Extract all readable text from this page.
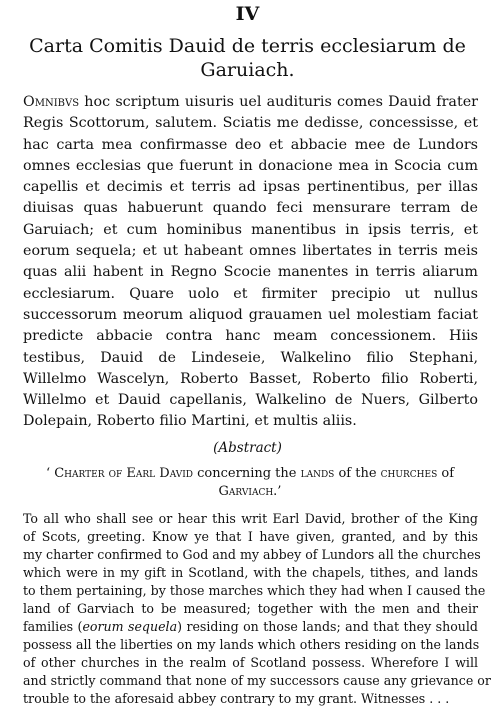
IV
Carta Comitis Dauid de terris ecclesiarum de
Garuiach.
Omnibvs hoc scriptum uisuris uel audituris comes Dauid frater
Regis Scottorum, salutem. Sciatis me dedisse, concessisse, et
hac carta mea confirmasse deo et abbacie mee de Lundors
omnes ecclesias que fuerunt in donacione mea in Scocia cum
capellis et decimis et terris ad ipsas pertinentibus, per illas
diuisas quas habuerunt quando feci mensurare terram de
Garuiach; et cum hominibus manentibus in ipsis terris, et
eorum sequela; et ut habeant omnes libertates in terris meis
quas alii habent in Regno Scocie manentes in terris aliarum
ecclesiarum. Quare uolo et firmiter precipio ut nullus
successorum meorum aliquod grauamen uel molestiam faciat
predicte abbacie contra hanc meam concessionem. Hiis
testibus, Dauid de Lindeseie, Walkelino filio Stephani,
Willelmo Wascelyn, Roberto Basset, Roberto filio Roberti,
Willelmo et Dauid capellanis, Walkelino de Nuers, Gilberto
Dolepain, Roberto filio Martini, et multis aliis.
(Abstract)
‘ Charter of Earl David concerning the lands of the churches of
Garviach.’
To all who shall see or hear this writ Earl David, brother of the King
of Scots, greeting. Know ye that I have given, granted, and by this
my charter confirmed to God and my abbey of Lundors all the churches
which were in my gift in Scotland, with the chapels, tithes, and lands
to them pertaining, by those marches which they had when I caused the
land of Garviach to be measured; together with the men and their
families (eorum sequela) residing on those lands; and that they should
possess all the liberties on my lands which others residing on the lands
of other churches in the realm of Scotland possess. Wherefore I will
and strictly command that none of my successors cause any grievance or
trouble to the aforesaid abbey contrary to my grant. Witnesses . . .
